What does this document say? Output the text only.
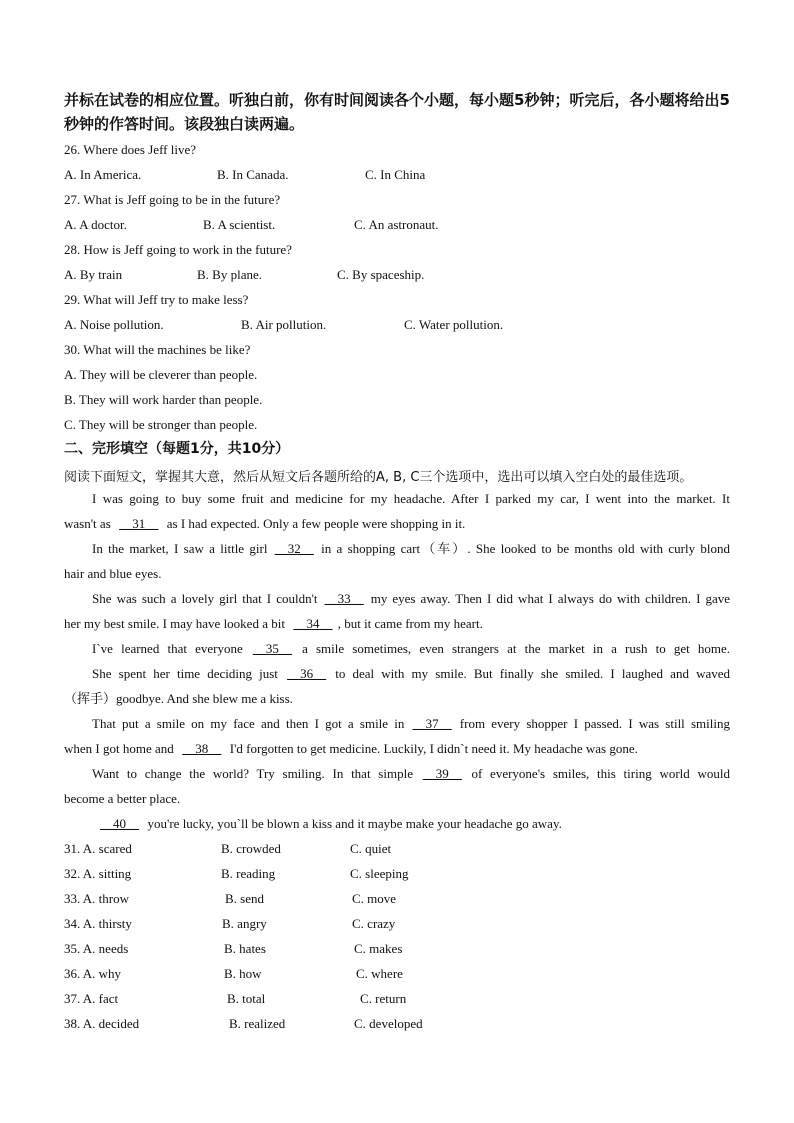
并标在试卷的相应位置。听独白前，你有时间阅读各个小题，每小题5秒钟；听完后，各小题将给出5秒钟的作答时间。该段独白读两遍。
26. Where does Jeff live?
A. In America.	B. In Canada.	C. In China
27. What is Jeff going to be in the future?
A. A doctor.	B. A scientist.	C. An astronaut.
28. How is Jeff going to work in the future?
A. By train	B. By plane.	C. By spaceship.
29. What will Jeff try to make less?
A. Noise pollution.	B. Air pollution.	C. Water pollution.
30. What will the machines be like?
A. They will be cleverer than people.
B. They will work harder than people.
C. They will be stronger than people.
二、完形填空（每题1分，共10分）
阅读下面短文，掌握其大意，然后从短文后各题所给的A, B, C三个选项中，选出可以填入空白处的最佳选项。
I was going to buy some fruit and medicine for my headache. After I parked my car, I went into the market. It
wasn't as __31__ as I had expected. Only a few people were shopping in it.
In the market, I saw a little girl __32__ in a shopping cart（车）. She looked to be months old with curly blond
hair and blue eyes.
She was such a lovely girl that I couldn't __33__ my eyes away. Then I did what I always do with children. I gave
her my best smile. I may have looked a bit __34__ , but it came from my heart.
I`ve learned that everyone __35__ a smile sometimes, even strangers at the market in a rush to get home.
She spent her time deciding just __36__ to deal with my smile. But finally she smiled. I laughed and waved
（挥手）goodbye. And she blew me a kiss.
That put a smile on my face and then I got a smile in __37__ from every shopper I passed. I was still smiling
when I got home and __38__ I'd forgotten to get medicine. Luckily, I didn`t need it. My headache was gone.
Want to change the world? Try smiling. In that simple __39__ of everyone's smiles, this tiring world would
become a better place.
__40__ you're lucky, you`ll be blown a kiss and it maybe make your headache go away.
31. A. scared	B. crowded	C. quiet
32. A. sitting	B. reading	C. sleeping
33. A. throw	B. send	C. move
34. A. thirsty	B. angry	C. crazy
35. A. needs	B. hates	C. makes
36. A. why	B. how	C. where
37. A. fact	B. total	C. return
38. A. decided	B. realized	C. developed
